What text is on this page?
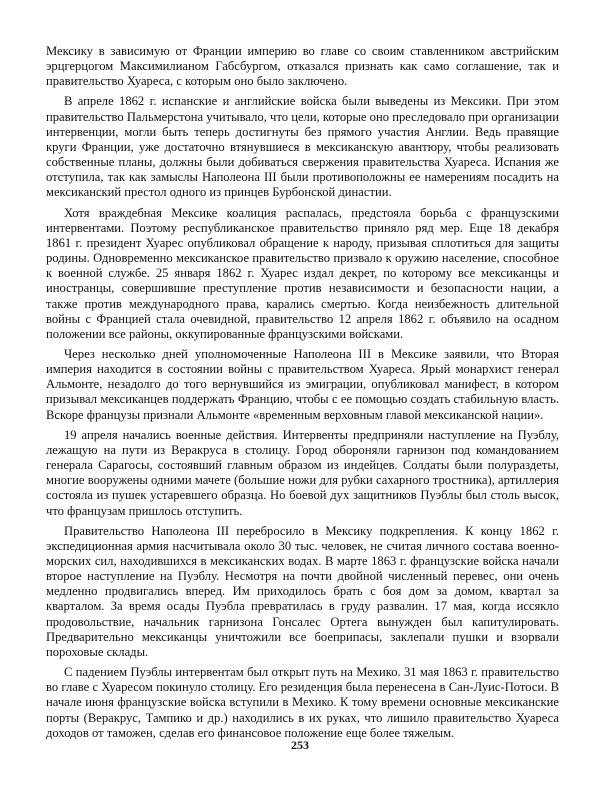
Мексику в зависимую от Франции империю во главе со своим ставленником австрийским эрцгерцогом Максимилианом Габсбургом, отказался признать как само соглашение, так и правительство Хуареса, с которым оно было заключено.

В апреле 1862 г. испанские и английские войска были выведены из Мексики. При этом правительство Пальмерстона учитывало, что цели, которые оно преследовало при организации интервенции, могли быть теперь достигнуты без прямого участия Англии. Ведь правящие круги Франции, уже достаточно втянувшиеся в мексиканскую авантюру, чтобы реализовать собственные планы, должны были добиваться свержения правительства Хуареса. Испания же отступила, так как замыслы Наполеона III были противоположны ее намерениям посадить на мексиканский престол одного из принцев Бурбонской династии.

Хотя враждебная Мексике коалиция распалась, предстояла борьба с французскими интервентами. Поэтому республиканское правительство приняло ряд мер. Еще 18 декабря 1861 г. президент Хуарес опубликовал обращение к народу, призывая сплотиться для защиты родины. Одновременно мексиканское правительство призвало к оружию население, способное к военной службе. 25 января 1862 г. Хуарес издал декрет, по которому все мексиканцы и иностранцы, совершившие преступление против независимости и безопасности нации, а также против международного права, карались смертью. Когда неизбежность длительной войны с Францией стала очевидной, правительство 12 апреля 1862 г. объявило на осадном положении все районы, оккупированные французскими войсками.

Через несколько дней уполномоченные Наполеона III в Мексике заявили, что Вторая империя находится в состоянии войны с правительством Хуареса. Ярый монархист генерал Альмонте, незадолго до того вернувшийся из эмиграции, опубликовал манифест, в котором призывал мексиканцев поддержать Францию, чтобы с ее помощью создать стабильную власть. Вскоре французы признали Альмонте «временным верховным главой мексиканской нации».

19 апреля начались военные действия. Интервенты предприняли наступление на Пуэблу, лежащую на пути из Веракруса в столицу. Город обороняли гарнизон под командованием генерала Сарагосы, состоявший главным образом из индейцев. Солдаты были полураздеты, многие вооружены одними мачете (большие ножи для рубки сахарного тростника), артиллерия состояла из пушек устаревшего образца. Но боевой дух защитников Пуэблы был столь высок, что французам пришлось отступить.

Правительство Наполеона III перебросило в Мексику подкрепления. К концу 1862 г. экспедиционная армия насчитывала около 30 тыс. человек, не считая личного состава военно-морских сил, находившихся в мексиканских водах. В марте 1863 г. французские войска начали второе наступление на Пуэблу. Несмотря на почти двойной численный перевес, они очень медленно продвигались вперед. Им приходилось брать с боя дом за домом, квартал за кварталом. За время осады Пуэбла превратилась в груду развалин. 17 мая, когда иссякло продовольствие, начальник гарнизона Гонсалес Ортега вынужден был капитулировать. Предварительно мексиканцы уничтожили все боеприпасы, заклепали пушки и взорвали пороховые склады.

С падением Пуэблы интервентам был открыт путь на Мехико. 31 мая 1863 г. правительство во главе с Хуаресом покинуло столицу. Его резиденция была перенесена в Сан-Луис-Потоси. В начале июня французские войска вступили в Мехико. К тому времени основные мексиканские порты (Веракрус, Тампико и др.) находились в их руках, что лишило правительство Хуареса доходов от таможен, сделав его финансовое положение еще более тяжелым.

253
